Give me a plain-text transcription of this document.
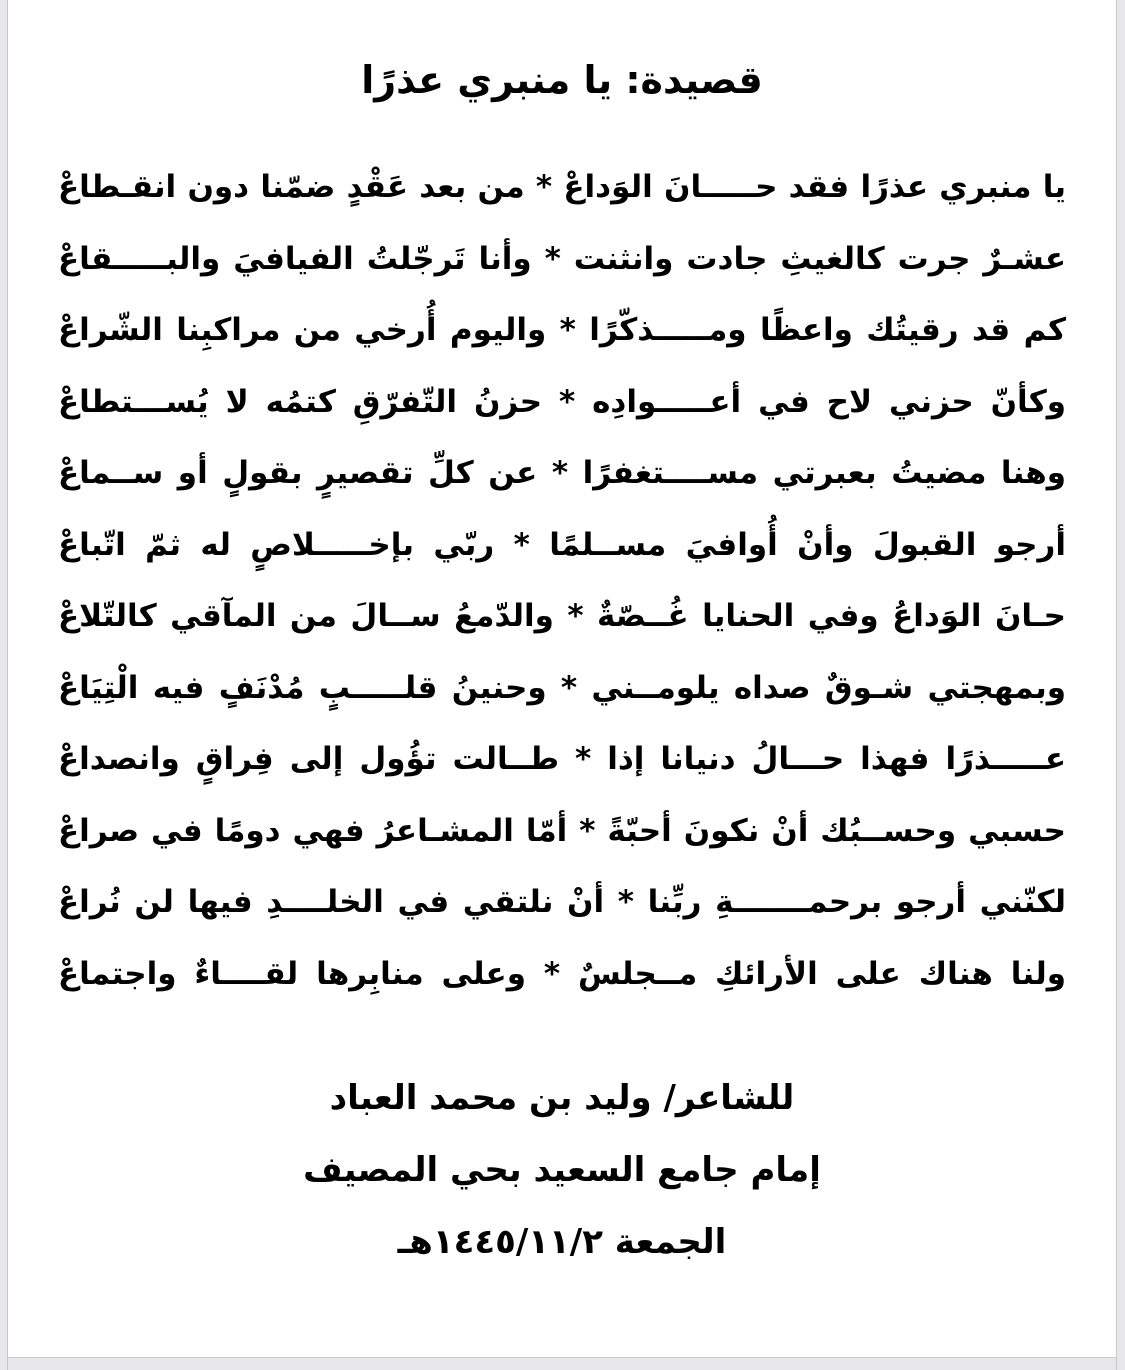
قصيدة: يا منبري عذرًا
يا منبري عذرًا فقد حـــــانَ الوَداعْ * من بعد عَقْدٍ ضمّنا دون انقـطاعْ
عشـرٌ جرت كالغيثِ جادت وانثنت * وأنا تَرجّلتُ الفيافيَ والبـــــقاعْ
كم قد رقيتُك واعظًا ومـــــذكّرًا * واليوم أُرخي من مراكبِنا الشّراعْ
وكأنّ حزني لاح في أعـــــوادِه * حزنُ التّفرّقِ كتمُه لا يُســـتطاعْ
وهنا مضيتُ بعبرتي مســــتغفرًا * عن كلِّ تقصيرٍ بقولٍ أو ســماعْ
أرجو القبولَ وأنْ أُوافيَ مســلمًا * ربّي بإخـــــلاصٍ له ثمّ اتّباعْ
حـانَ الوَداعُ وفي الحنايا غُــصّةٌ * والدّمعُ ســالَ من المآقي كالتّلاعْ
وبمهجتي شـوقٌ صداه يلومــني * وحنينُ قلـــــبٍ مُدْنَفٍ فيه الْتِيَاعْ
عـــــذرًا فهذا حـــالُ دنيانا إذا * طــالت تؤُول إلى فِراقٍ وانصداعْ
حسبي وحســبُك أنْ نكونَ أحبّةً * أمّا المشـاعرُ فهي دومًا في صراعْ
لكنّني أرجو برحمـــــــةِ ربِّنا * أنْ نلتقي في الخلــــدِ فيها لن نُراعْ
ولنا هناك على الأرائكِ مــجلسٌ * وعلى منابِرها لقــــاءٌ واجتماعْ
للشاعر/ وليد بن محمد العباد
إمام جامع السعيد بحي المصيف
الجمعة ١٤٤٥/١١/٢هـ
